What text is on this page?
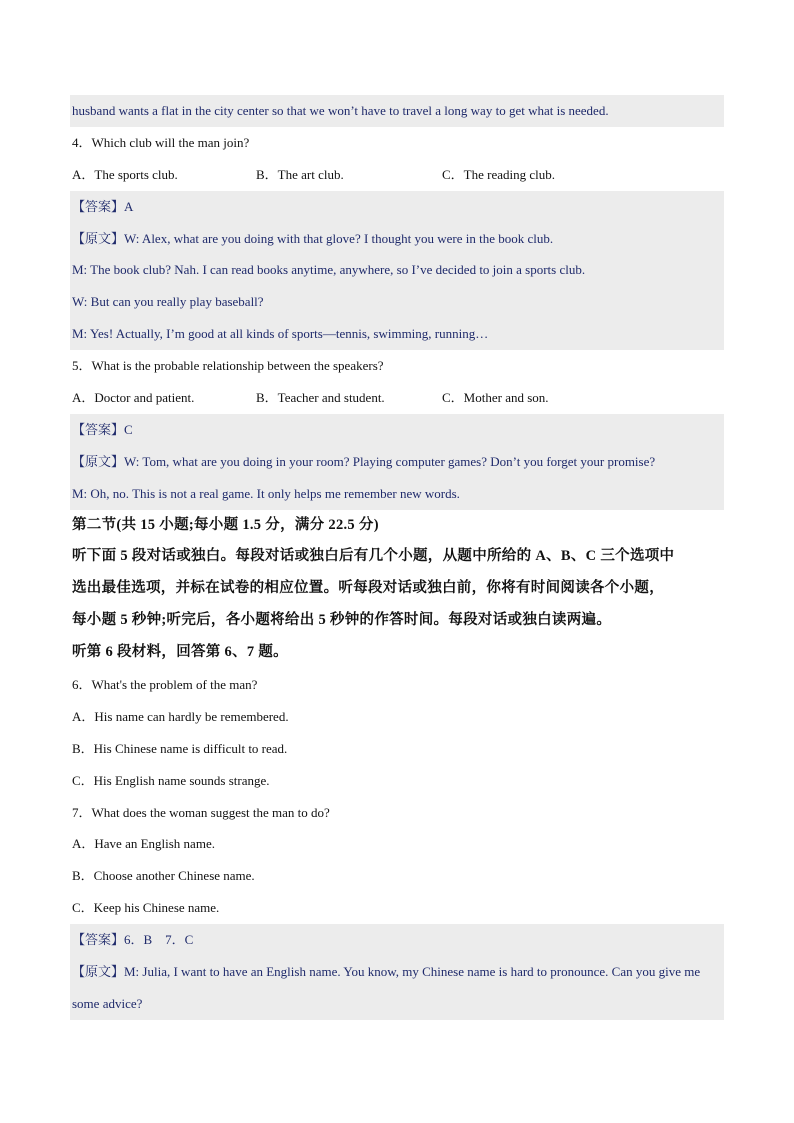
husband wants a flat in the city center so that we won’t have to travel a long way to get what is needed.
4．Which club will the man join?
A．The sports club.	B．The art club.	C．The reading club.
【答案】A
【原文】W: Alex, what are you doing with that glove? I thought you were in the book club.
M: The book club? Nah. I can read books anytime, anywhere, so I’ve decided to join a sports club.
W: But can you really play baseball?
M: Yes! Actually, I’m good at all kinds of sports—tennis, swimming, running…
5．What is the probable relationship between the speakers?
A．Doctor and patient.	B．Teacher and student.	C．Mother and son.
【答案】C
【原文】W: Tom, what are you doing in your room? Playing computer games? Don’t you forget your promise?
M: Oh, no. This is not a real game. It only helps me remember new words.
第二节(共 15 小题;每小题 1.5 分，满分 22.5 分)
听下面 5 段对话或独白。每段对话或独白后有几个小题，从题中所给的 A、B、C 三个选项中
选出最佳选项，并标在试卷的相应位置。听每段对话或独白前，你将有时间阅读各个小题，
每小题 5 秒钟;听完后，各小题将给出 5 秒钟的作答时间。每段对话或独白读两遍。
听第 6 段材料，回答第 6、7 题。
6．What's the problem of the man?
A．His name can hardly be remembered.
B．His Chinese name is difficult to read.
C．His English name sounds strange.
7．What does the woman suggest the man to do?
A．Have an English name.
B．Choose another Chinese name.
C．Keep his Chinese name.
【答案】6．B　7．C
【原文】M: Julia, I want to have an English name. You know, my Chinese name is hard to pronounce. Can you give me some advice?
